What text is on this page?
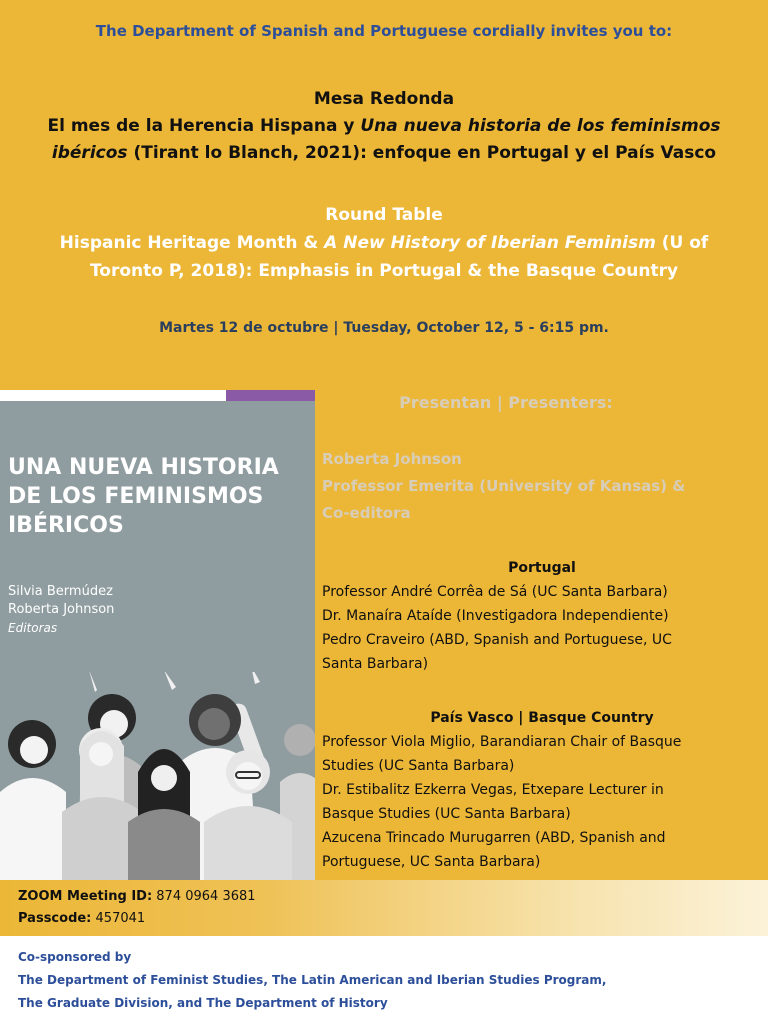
The Department of Spanish and Portuguese cordially invites you to:
Mesa Redonda
El mes de la Herencia Hispana y Una nueva historia de los feminismos
ibéricos (Tirant lo Blanch, 2021): enfoque en Portugal y el País Vasco
Round Table
Hispanic Heritage Month & A New History of Iberian Feminism (U of
Toronto P, 2018): Emphasis in Portugal & the Basque Country
Martes 12 de octubre | Tuesday, October 12, 5 - 6:15 pm.
UNA NUEVA HISTORIA
DE LOS FEMINISMOS
IBÉRICOS
Silvia Bermúdez
Roberta Johnson
Editoras
Presentan | Presenters:
Roberta Johnson
Professor Emerita (University of Kansas) &
Co-editora
Portugal
Professor André Corrêa de Sá (UC Santa Barbara)
Dr. Manaíra Ataíde (Investigadora Independiente)
Pedro Craveiro (ABD, Spanish and Portuguese, UC
Santa Barbara)
País Vasco | Basque Country
Professor Viola Miglio, Barandiaran Chair of Basque
Studies (UC Santa Barbara)
Dr. Estibalitz Ezkerra Vegas, Etxepare Lecturer in
Basque Studies (UC Santa Barbara)
Azucena Trincado Murugarren (ABD, Spanish and
Portuguese, UC Santa Barbara)
ZOOM Meeting ID: 874 0964 3681
Passcode: 457041
Co-sponsored by
The Department of Feminist Studies, The Latin American and Iberian Studies Program,
The Graduate Division, and The Department of History
